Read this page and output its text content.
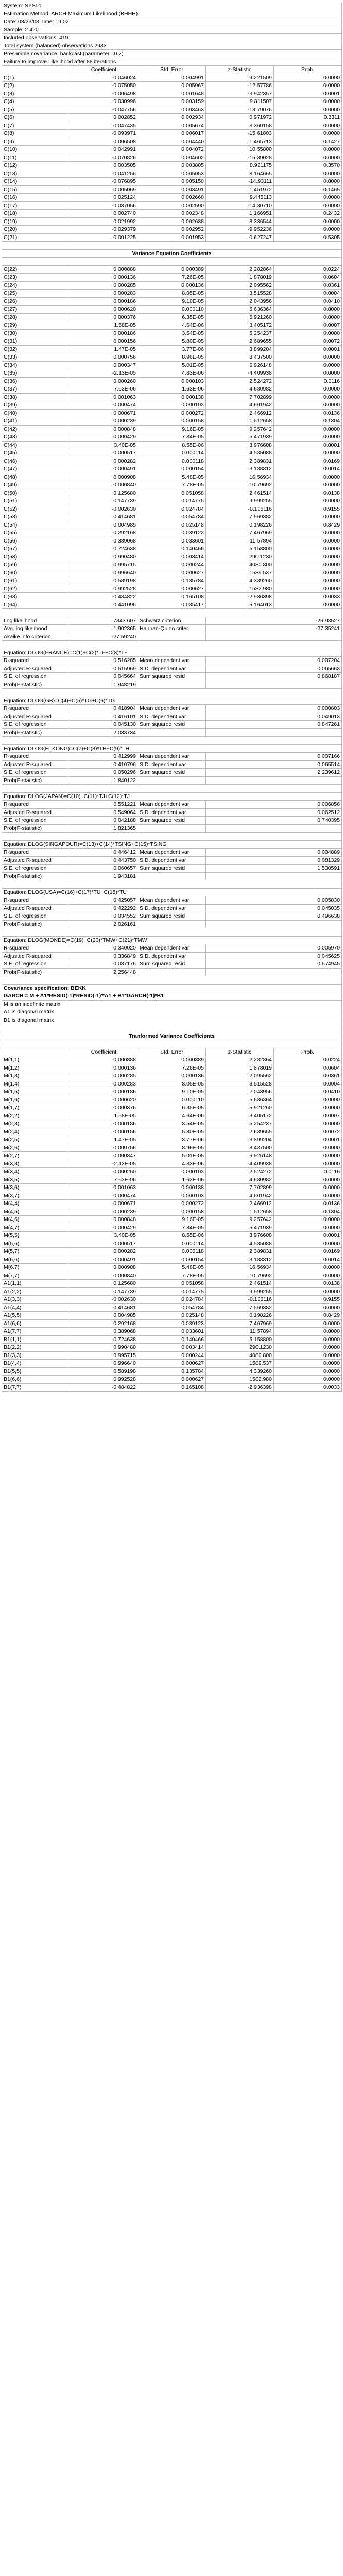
System: SYS01				
Estimation Method: ARCH Maximum Likelihood (BHHH)				
Date: 03/23/08 Time: 19:02				
Sample: 2 420				
Included observations: 419				
Total system (balanced) observations 2933				
Presample covariance: backcast (parameter =0.7)				
Failure to improve Likelihood after 88 iterations				
	Coefficient	Std. Error	z-Statistic	Prob.
C(1)	0.046024	0.004991	9.221509	0.0000
C(2)	-0.075050	0.005967	-12.57786	0.0000
C(3)	-0.006498	0.001648	-3.942357	0.0001
C(4)	0.030996	0.003159	9.811507	0.0000
C(5)	-0.047756	0.003463	-13.79076	0.0000
C(6)	0.002852	0.002934	0.971972	0.3311
C(7)	0.047435	0.005674	8.360158	0.0000
C(8)	-0.093971	0.006017	-15.61803	0.0000
C(9)	0.006508	0.004440	1.465713	0.1427
C(10)	0.042991	0.004072	10.55800	0.0000
C(11)	-0.070826	0.004602	-15.39028	0.0000
C(12)	0.003505	0.003805	0.921175	0.3570
C(13)	0.041256	0.005053	8.164665	0.0000
C(14)	-0.076895	0.005150	-14.93111	0.0000
C(15)	0.005069	0.003491	1.451972	0.1465
C(16)	0.025124	0.002660	9.445113	0.0000
C(17)	-0.037056	0.002590	-14.30710	0.0000
C(18)	0.002740	0.002348	1.166951	0.2432
C(19)	0.021992	0.002638	8.336544	0.0000
C(20)	-0.029379	0.002952	-9.952236	0.0000
C(21)	0.001225	0.001953	0.627247	0.5305

Variance Equation Coefficients				

C(22)	0.000888	0.000389	2.282864	0.0224
C(23)	0.000136	7.26E-05	1.878019	0.0604
C(24)	0.000285	0.000136	2.095562	0.0361
C(25)	0.000283	8.05E-05	3.515528	0.0004
C(26)	0.000186	9.10E-05	2.043956	0.0410
C(27)	0.000620	0.000110	5.636364	0.0000
C(28)	0.000376	6.35E-05	5.921260	0.0000
C(29)	1.58E-05	4.64E-06	3.405172	0.0007
C(30)	0.000186	3.54E-05	5.254237	0.0000
C(31)	0.000156	5.80E-05	2.689655	0.0072
C(32)	1.47E-05	3.77E-06	3.899204	0.0001
C(33)	0.000756	8.96E-05	8.437500	0.0000
C(34)	0.000347	5.01E-05	6.926148	0.0000
C(35)	-2.13E-05	4.83E-06	-4.409938	0.0000
C(36)	0.000260	0.000103	2.524272	0.0116
C(37)	7.63E-06	1.63E-06	4.680982	0.0000
C(38)	0.001063	0.000138	7.702899	0.0000
C(39)	0.000474	0.000103	4.601942	0.0000
C(40)	0.000671	0.000272	2.466912	0.0136
C(41)	0.000239	0.000158	1.512658	0.1304
C(42)	0.000848	9.16E-05	9.257642	0.0000
C(43)	0.000429	7.84E-05	5.471939	0.0000
C(44)	3.40E-05	8.55E-06	3.976608	0.0001
C(45)	0.000517	0.000114	4.535088	0.0000
C(46)	0.000282	0.000118	2.389831	0.0169
C(47)	0.000491	0.000154	3.188312	0.0014
C(48)	0.000908	5.48E-05	16.56934	0.0000
C(49)	0.000840	7.78E-05	10.79692	0.0000
C(50)	0.125680	0.051058	2.461514	0.0138
C(51)	0.147739	0.014775	9.999255	0.0000
C(52)	-0.002630	0.024784	-0.106116	0.9155
C(53)	0.414681	0.054784	7.569382	0.0000
C(54)	0.004985	0.025148	0.198226	0.8429
C(55)	0.292168	0.039123	7.467969	0.0000
C(56)	0.389068	0.033601	11.57894	0.0000
C(57)	0.724638	0.140466	5.158800	0.0000
C(58)	0.990480	0.003414	290.1230	0.0000
C(59)	0.995715	0.000244	4080.800	0.0000
C(60)	0.996640	0.000627	1589.537	0.0000
C(61)	0.589198	0.135784	4.339260	0.0000
C(62)	0.992528	0.000627	1582.980	0.0000
C(63)	-0.484822	0.165108	-2.936398	0.0033
C(64)	0.441096	0.085417	5.164013	0.0000

Log likelihood	7843.607	Schwarz criterion	-26.98527	
Avg. log likelihood	1.902365	Hannan-Quinn criter.	-27.35241	
Akaike info criterion	-27.59240			

Equation: DLOG(FRANCE)=C(1)+C(2)*TF+C(3)*TF				
R-squared	0.516285	Mean dependent var	0.007204	
Adjusted R-squared	0.515969	S.D. dependent var	0.065663	
S.E. of regression	0.045664	Sum squared resid	0.868187	
Prob(F-statistic)	1.948219			

Equation: DLOG(GB)=C(4)+C(5)*TG+C(6)*TG				
R-squared	0.418904	Mean dependent var	0.000803	
Adjusted R-squared	0.416101	S.D. dependent var	0.049013	
S.E. of regression	0.045130	Sum squared resid	0.847261	
Prob(F-statistic)	2.033734			

Equation: DLOG(H_KONG)=C(7)+C(8)*TH+C(9)*TH				
R-squared	0.412999	Mean dependent var	0.007166	
Adjusted R-squared	0.410796	S.D. dependent var	0.065514	
S.E. of regression	0.050296	Sum squared resid	2.239612	
Prob(F-statistic)	1.840122			

Equation: DLOG(JAPAN)=C(10)+C(11)*TJ+C(12)*TJ				
R-squared	0.551221	Mean dependent var	0.006856	
Adjusted R-squared	0.549064	S.D. dependent var	0.062512	
S.E. of regression	0.042188	Sum squared resid	0.740395	
Prob(F-statistic)	1.821365			

Equation: DLOG(SINGAPOUR)=C(13)+C(14)*TSING+C(15)*TSING				
R-squared	0.446412	Mean dependent var	0.004889	
Adjusted R-squared	0.443750	S.D. dependent var	0.081329	
S.E. of regression	0.060657	Sum squared resid	1.530591	
Prob(F-statistic)	1.943181			

Equation: DLOG(USA)=C(16)+C(17)*TU+C(18)*TU				
R-squared	0.425057	Mean dependent var	0.005830	
Adjusted R-squared	0.422292	S.D. dependent var	0.045035	
S.E. of regression	0.034552	Sum squared resid	0.496638	
Prob(F-statistic)	2.026161			

Equation: DLOG(MONDE)=C(19)+C(20)*TMW+C(21)*TMW				
R-squared	0.340020	Mean dependent var	0.005970	
Adjusted R-squared	0.336849	S.D. dependent var	0.045625	
S.E. of regression	0.037176	Sum squared resid	0.574945	
Prob(F-statistic)	2.256448			

Covariance specification: BEKK				
GARCH = M + A1*RESID(-1)*RESID(-1)'*A1 + B1*GARCH(-1)*B1				
M is an indefinite matrix				
A1 is diagonal matrix				
B1 is diagonal matrix				

Tranformed Variance Coefficients				

	Coefficient	Std. Error	z-Statistic	Prob.
M(1,1)	0.000888	0.000389	2.282864	0.0224
M(1,2)	0.000136	7.26E-05	1.878019	0.0604
M(1,3)	0.000285	0.000136	2.095562	0.0361
M(1,4)	0.000283	8.05E-05	3.515528	0.0004
M(1,5)	0.000186	9.10E-05	2.043956	0.0410
M(1,6)	0.000620	0.000110	5.636364	0.0000
M(1,7)	0.000376	6.35E-05	5.921260	0.0000
M(2,2)	1.58E-05	4.64E-06	3.405172	0.0007
M(2,3)	0.000186	3.54E-05	5.254237	0.0000
M(2,4)	0.000156	5.80E-05	2.689655	0.0072
M(2,5)	1.47E-05	3.77E-06	3.899204	0.0001
M(2,6)	0.000756	8.96E-05	8.437500	0.0000
M(2,7)	0.000347	5.01E-05	6.926148	0.0000
M(3,3)	-2.13E-05	4.83E-06	-4.409938	0.0000
M(3,4)	0.000260	0.000103	2.524272	0.0116
M(3,5)	7.63E-06	1.63E-06	4.680982	0.0000
M(3,6)	0.001063	0.000138	7.702899	0.0000
M(3,7)	0.000474	0.000103	4.601942	0.0000
M(4,4)	0.000671	0.000272	2.466912	0.0136
M(4,5)	0.000239	0.000158	1.512658	0.1304
M(4,6)	0.000848	9.16E-05	9.257642	0.0000
M(4,7)	0.000429	7.84E-05	5.471939	0.0000
M(5,5)	3.40E-05	8.55E-06	3.976608	0.0001
M(5,6)	0.000517	0.000114	4.535088	0.0000
M(5,7)	0.000282	0.000118	2.389831	0.0169
M(6,6)	0.000491	0.000154	3.188312	0.0014
M(6,7)	0.000908	5.48E-05	16.56934	0.0000
M(7,7)	0.000840	7.78E-05	10.79692	0.0000
A1(1,1)	0.125680	0.051058	2.461514	0.0138
A1(2,2)	0.147739	0.014775	9.999255	0.0000
A1(3,3)	-0.002630	0.024784	-0.106116	0.9155
A1(4,4)	0.414681	0.054784	7.569382	0.0000
A1(5,5)	0.004985	0.025148	0.198226	0.8429
A1(6,6)	0.292168	0.039123	7.467969	0.0000
A1(7,7)	0.389068	0.033601	11.57894	0.0000
B1(1,1)	0.724638	0.140466	5.158800	0.0000
B1(2,2)	0.990480	0.003414	290.1230	0.0000
B1(3,3)	0.995715	0.000244	4080.800	0.0000
B1(4,4)	0.996640	0.000627	1589.537	0.0000
B1(5,5)	0.589198	0.135784	4.339260	0.0000
B1(6,6)	0.992528	0.000627	1582.980	0.0000
B1(7,7)	-0.484822	0.165108	-2.936398	0.0033
